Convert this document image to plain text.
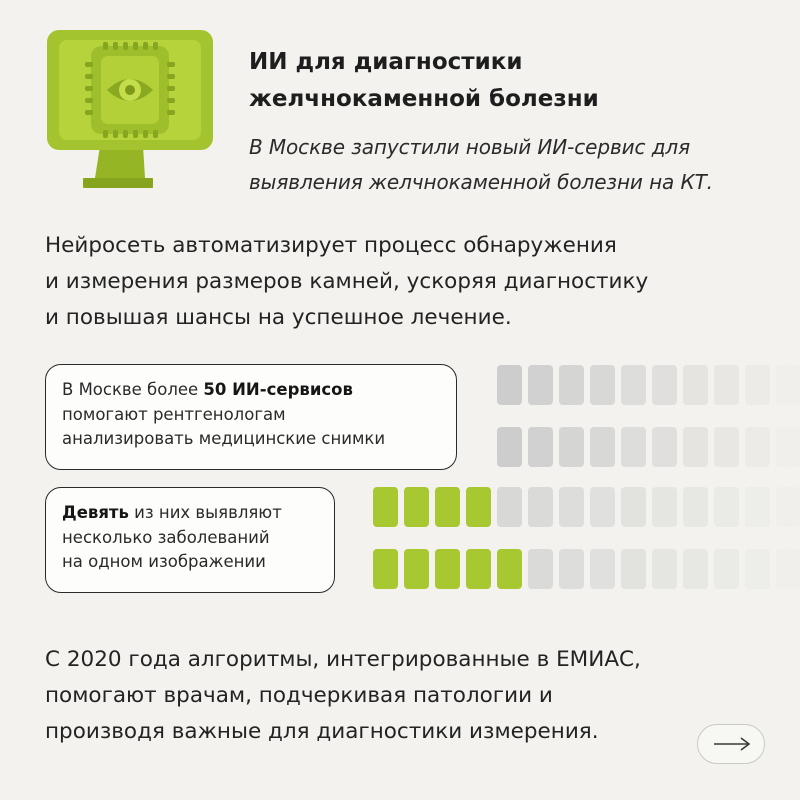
ИИ для диагностики
желчнокаменной болезни
В Москве запустили новый ИИ-сервис для
выявления желчнокаменной болезни на КТ.
Нейросеть автоматизирует процесс обнаружения
и измерения размеров камней, ускоряя диагностику
и повышая шансы на успешное лечение.
В Москве более 50 ИИ-сервисов
помогают рентгенологам
анализировать медицинские снимки
Девять из них выявляют
несколько заболеваний
на одном изображении
С 2020 года алгоритмы, интегрированные в ЕМИАС,
помогают врачам, подчеркивая патологии и
производя важные для диагностики измерения.
